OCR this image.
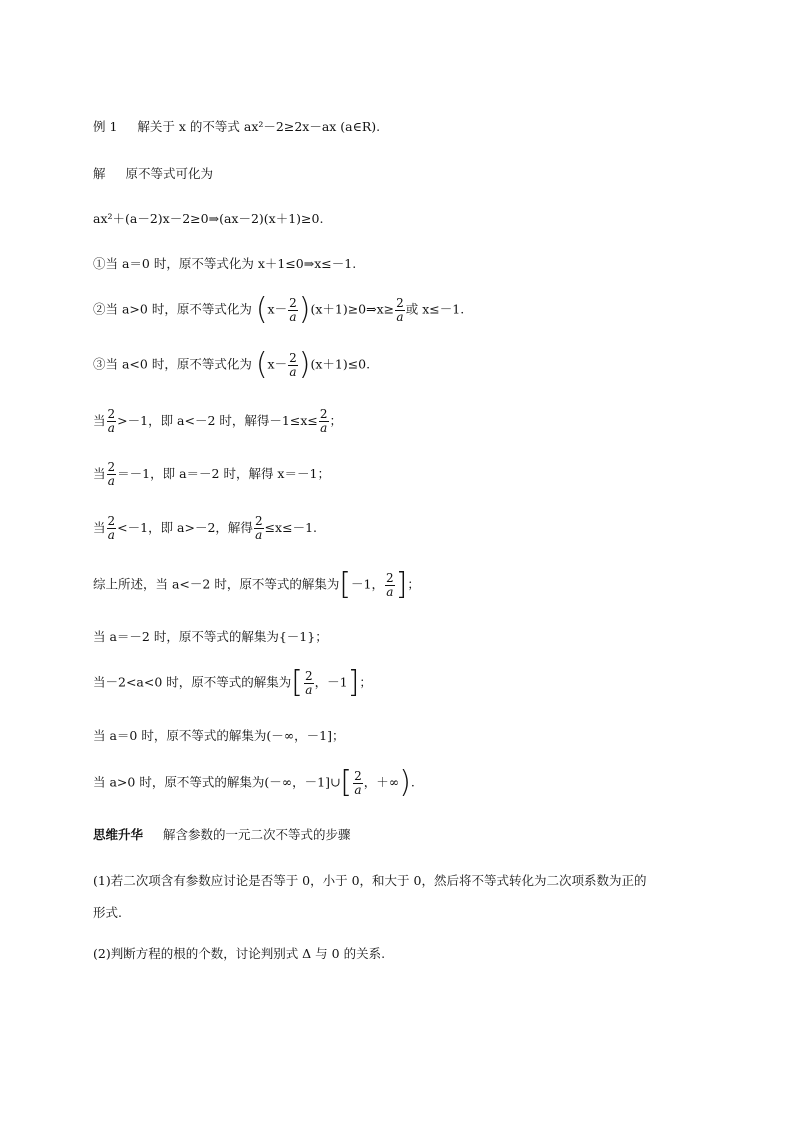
例 1 解关于 x 的不等式 ax²－2≥2x－ax (a∈R).
解 原不等式可化为
ax²＋(a－2)x－2≥0⇒(ax－2)(x＋1)≥0.
①当 a＝0 时，原不等式化为 x＋1≤0⇒x≤－1.
②当 a>0 时，原不等式化为 ($x- \frac{2}{a}$ )(x＋1)≥0⇒x≥ $\frac{2}{a}$ 或 x≤－1.
③当 a<0 时，原不等式化为 $(x- \frac{2}{a} )(x+1)\le 0$.
当 $\frac{2}{a} >-1$，即 a<－2 时，解得$-1\le x\le \frac{2}{a}$ ；
当 $\frac{2}{a} =-1$，即 a＝－2 时，解得 x＝－1；
当 $\frac{2}{a} <-1$，即 a>－2，解得 $\frac{2}{a} \le x\le-1$.
综上所述，当 a<－2 时，原不等式的解集为[－1， $\frac{2}{a}$ ]；
当 a＝－2 时，原不等式的解集为{－1}；
当－2<a<0 时，原不等式的解集为[ $\frac{2}{a}$ ，－1]；
当 a＝0 时，原不等式的解集为(－∞，－1]；
当 a>0 时，原不等式的解集为(－∞，－1]∪[ $\frac{2}{a}$ ，＋∞).
思维升华 解含参数的一元二次不等式的步骤
(1)若二次项含有参数应讨论是否等于 0，小于 0，和大于 0，然后将不等式转化为二次项系数为正的
形式.
(2)判断方程的根的个数，讨论判别式 Δ 与 0 的关系.
